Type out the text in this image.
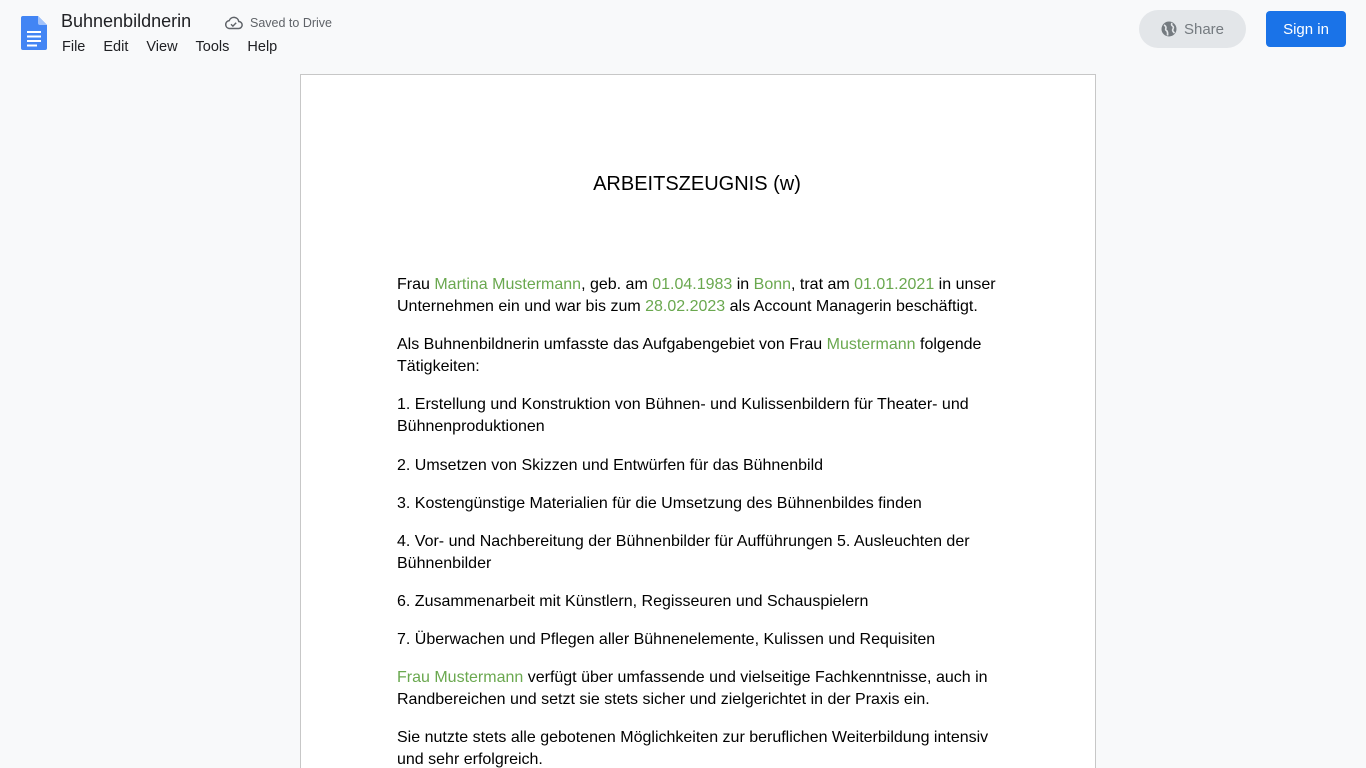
Buhnenbildnerin	Saved to Drive
File	Edit	View	Tools	Help
Share	Sign in
ARBEITSZEUGNIS (w)
Frau Martina Mustermann, geb. am 01.04.1983 in Bonn, trat am 01.01.2021 in unser Unternehmen ein und war bis zum 28.02.2023 als Account Managerin beschäftigt.
Als Buhnenbildnerin umfasste das Aufgabengebiet von Frau Mustermann folgende Tätigkeiten:
1. Erstellung und Konstruktion von Bühnen- und Kulissenbildern für Theater- und Bühnenproduktionen
2. Umsetzen von Skizzen und Entwürfen für das Bühnenbild
3. Kostengünstige Materialien für die Umsetzung des Bühnenbildes finden
4. Vor- und Nachbereitung der Bühnenbilder für Aufführungen 5. Ausleuchten der Bühnenbilder
6. Zusammenarbeit mit Künstlern, Regisseuren und Schauspielern
7. Überwachen und Pflegen aller Bühnenelemente, Kulissen und Requisiten
Frau Mustermann verfügt über umfassende und vielseitige Fachkenntnisse, auch in Randbereichen und setzt sie stets sicher und zielgerichtet in der Praxis ein.
Sie nutzte stets alle gebotenen Möglichkeiten zur beruflichen Weiterbildung intensiv und sehr erfolgreich.
